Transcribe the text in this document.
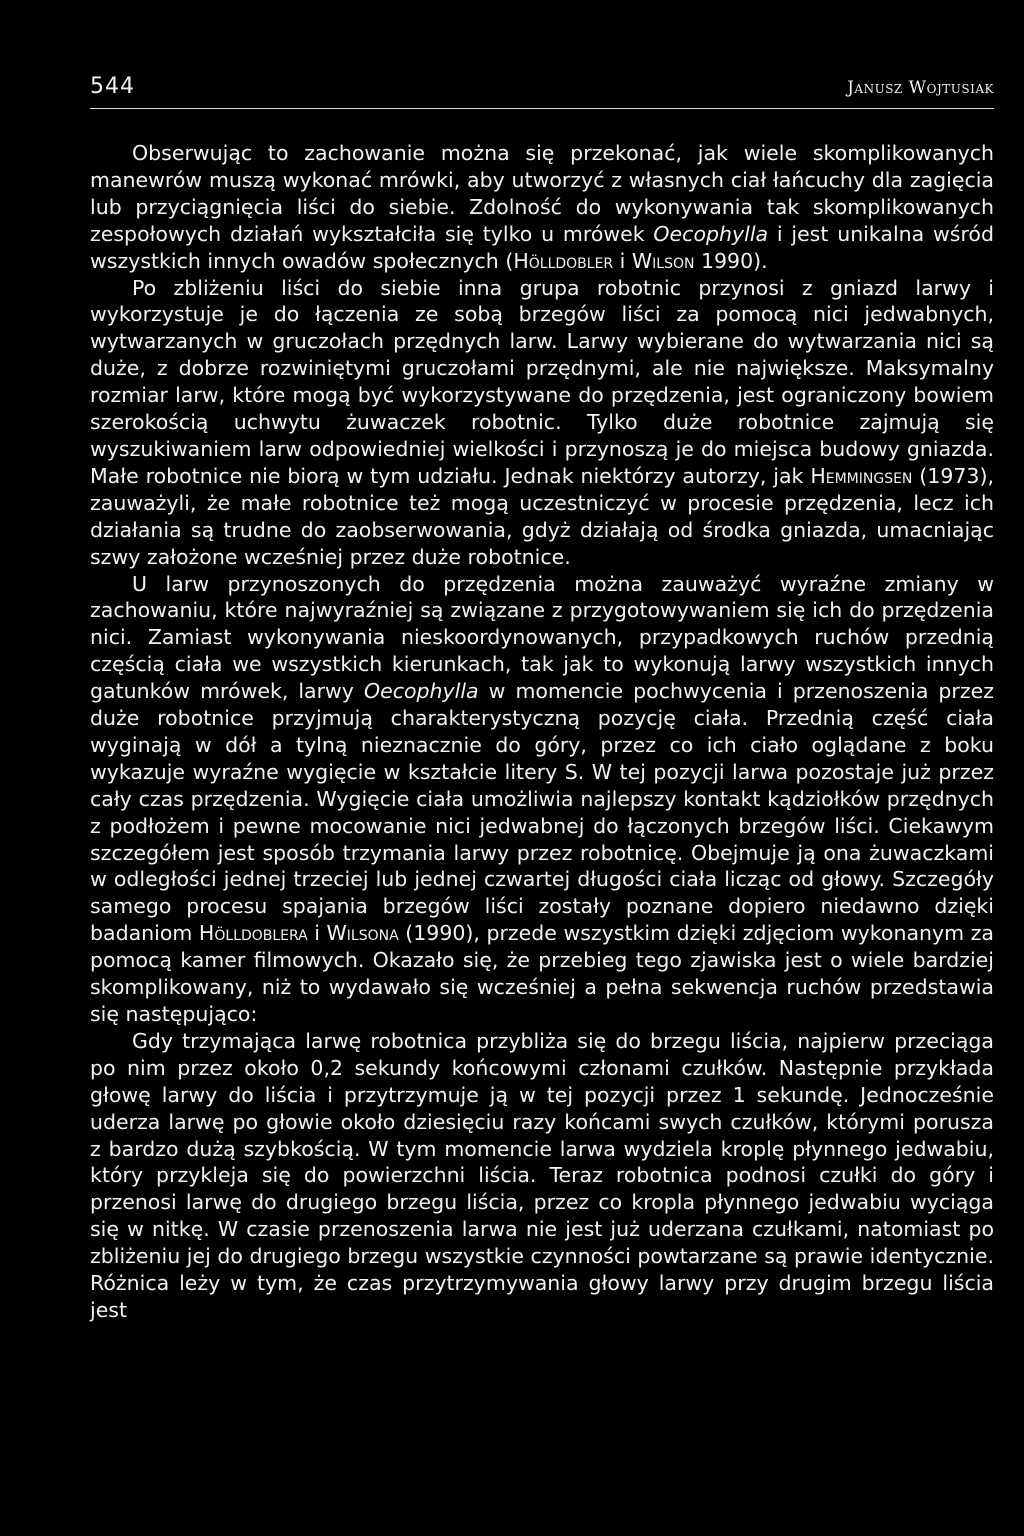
544	Janusz Wojtusiak

Obserwując to zachowanie można się przekonać, jak wiele skomplikowanych manewrów muszą wykonać mrówki, aby utworzyć z własnych ciał łańcuchy dla zagięcia lub przyciągnięcia liści do siebie. Zdolność do wykonywania tak skomplikowanych zespołowych działań wykształciła się tylko u mrówek Oecophylla i jest unikalna wśród wszystkich innych owadów społecznych (Hölldobler i Wilson 1990).

Po zbliżeniu liści do siebie inna grupa robotnic przynosi z gniazd larwy i wykorzystuje je do łączenia ze sobą brzegów liści za pomocą nici jedwabnych, wytwarzanych w gruczołach przędnych larw. Larwy wybierane do wytwarzania nici są duże, z dobrze rozwiniętymi gruczołami przędnymi, ale nie największe. Maksymalny rozmiar larw, które mogą być wykorzystywane do przędzenia, jest ograniczony bowiem szerokością uchwytu żuwaczek robotnic. Tylko duże robotnice zajmują się wyszukiwaniem larw odpowiedniej wielkości i przynoszą je do miejsca budowy gniazda. Małe robotnice nie biorą w tym udziału. Jednak niektórzy autorzy, jak Hemmingsen (1973), zauważyli, że małe robotnice też mogą uczestniczyć w procesie przędzenia, lecz ich działania są trudne do zaobserwowania, gdyż działają od środka gniazda, umacniając szwy założone wcześniej przez duże robotnice.

U larw przynoszonych do przędzenia można zauważyć wyraźne zmiany w zachowaniu, które najwyraźniej są związane z przygotowywaniem się ich do przędzenia nici. Zamiast wykonywania nieskoordynowanych, przypadkowych ruchów przednią częścią ciała we wszystkich kierunkach, tak jak to wykonują larwy wszystkich innych gatunków mrówek, larwy Oecophylla w momencie pochwycenia i przenoszenia przez duże robotnice przyjmują charakterystyczną pozycję ciała. Przednią część ciała wyginają w dół a tylną nieznacznie do góry, przez co ich ciało oglądane z boku wykazuje wyraźne wygięcie w kształcie litery S. W tej pozycji larwa pozostaje już przez cały czas przędzenia. Wygięcie ciała umożliwia najlepszy kontakt kądziołków przędnych z podłożem i pewne mocowanie nici jedwabnej do łączonych brzegów liści. Ciekawym szczegółem jest sposób trzymania larwy przez robotnicę. Obejmuje ją ona żuwaczkami w odległości jednej trzeciej lub jednej czwartej długości ciała licząc od głowy. Szczegóły samego procesu spajania brzegów liści zostały poznane dopiero niedawno dzięki badaniom Hölldoblera i Wilsona (1990), przede wszystkim dzięki zdjęciom wykonanym za pomocą kamer filmowych. Okazało się, że przebieg tego zjawiska jest o wiele bardziej skomplikowany, niż to wydawało się wcześniej a pełna sekwencja ruchów przedstawia się następująco:

Gdy trzymająca larwę robotnica przybliża się do brzegu liścia, najpierw przeciąga po nim przez około 0,2 sekundy końcowymi członami czułków. Następnie przykłada głowę larwy do liścia i przytrzymuje ją w tej pozycji przez 1 sekundę. Jednocześnie uderza larwę po głowie około dziesięciu razy końcami swych czułków, którymi porusza z bardzo dużą szybkością. W tym momencie larwa wydziela kroplę płynnego jedwabiu, który przykleja się do powierzchni liścia. Teraz robotnica podnosi czułki do góry i przenosi larwę do drugiego brzegu liścia, przez co kropla płynnego jedwabiu wyciąga się w nitkę. W czasie przenoszenia larwa nie jest już uderzana czułkami, natomiast po zbliżeniu jej do drugiego brzegu wszystkie czynności powtarzane są prawie identycznie. Różnica leży w tym, że czas przytrzymywania głowy larwy przy drugim brzegu liścia jest
